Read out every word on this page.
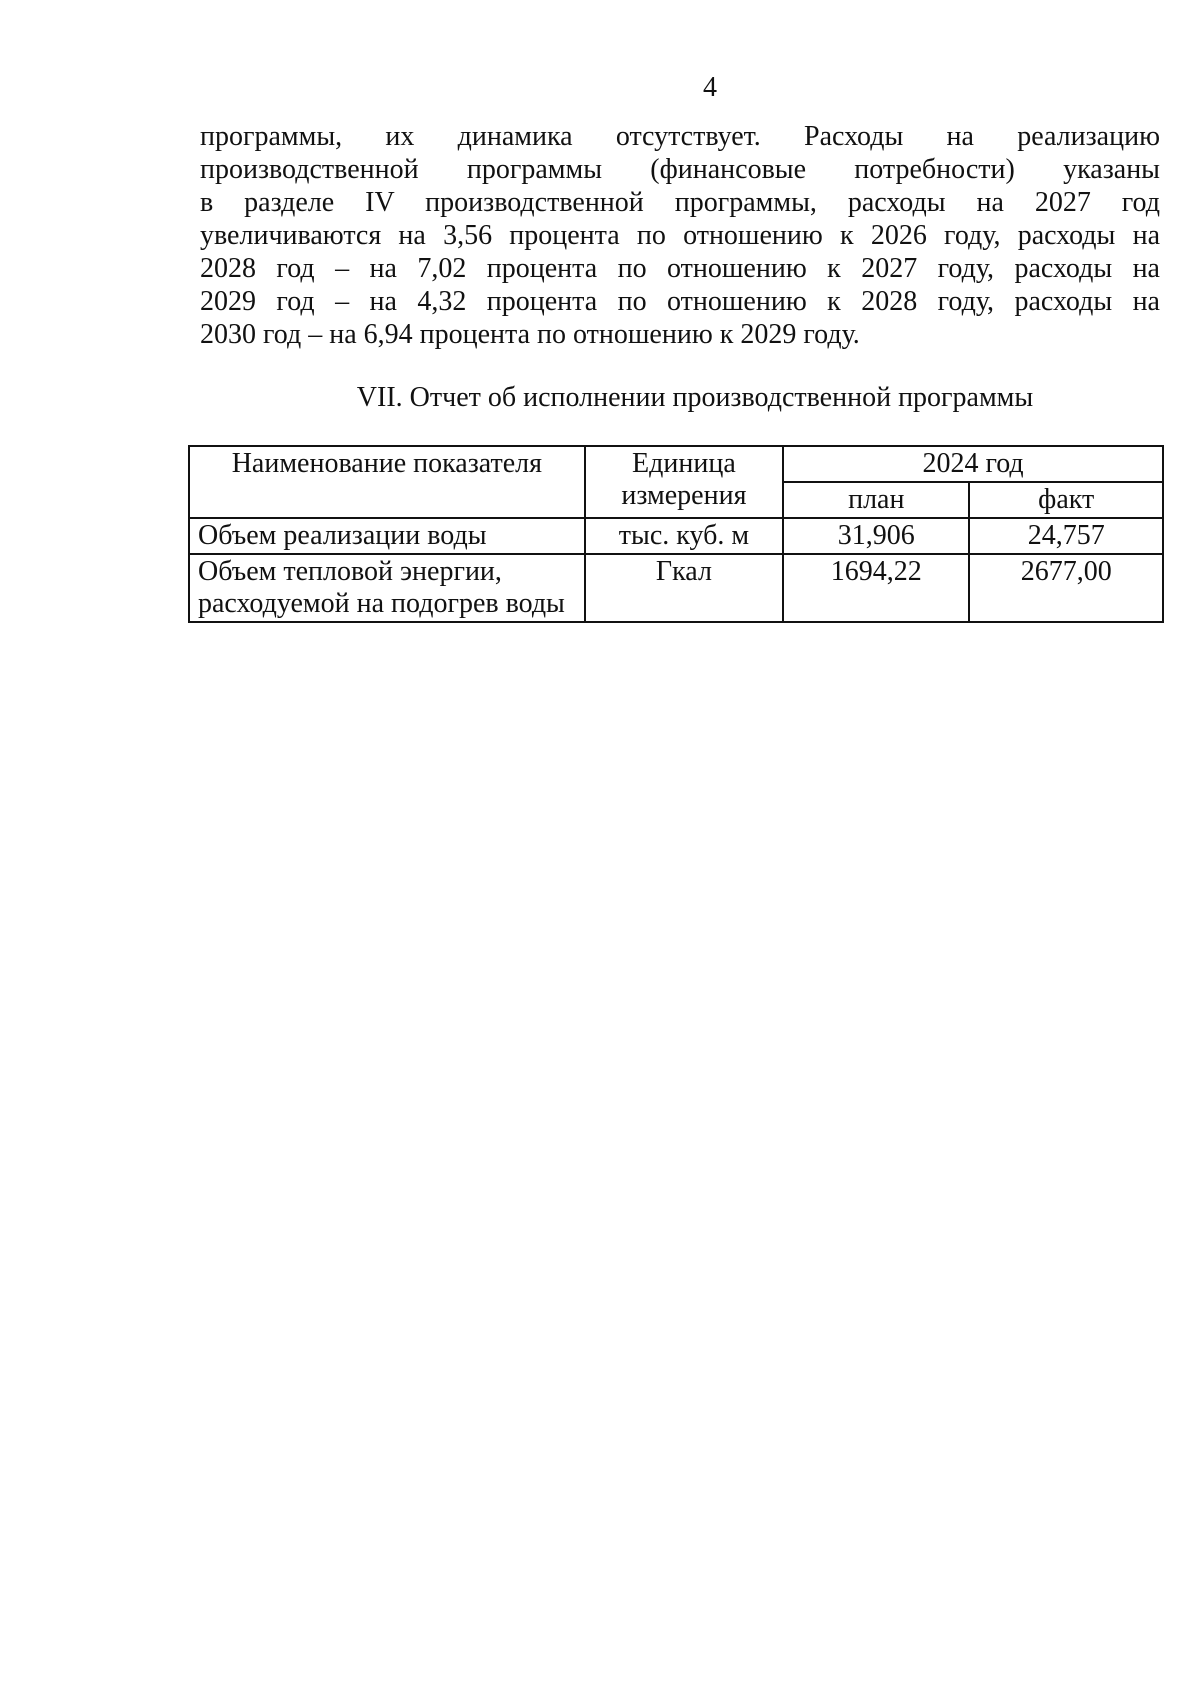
4
программы, их динамика отсутствует. Расходы на реализацию
производственной программы (финансовые потребности) указаны
в разделе IV производственной программы, расходы на 2027 год
увеличиваются на 3,56 процента по отношению к 2026 году, расходы на
2028 год – на 7,02 процента по отношению к 2027 году, расходы на
2029 год – на 4,32 процента по отношению к 2028 году, расходы на
2030 год – на 6,94 процента по отношению к 2029 году.
VII. Отчет об исполнении производственной программы
Наименование показателя	Единица измерения	2024 год	
		план	факт
Объем реализации воды	тыс. куб. м	31,906	24,757
Объем тепловой энергии, расходуемой на подогрев воды	Гкал	1694,22	2677,00
